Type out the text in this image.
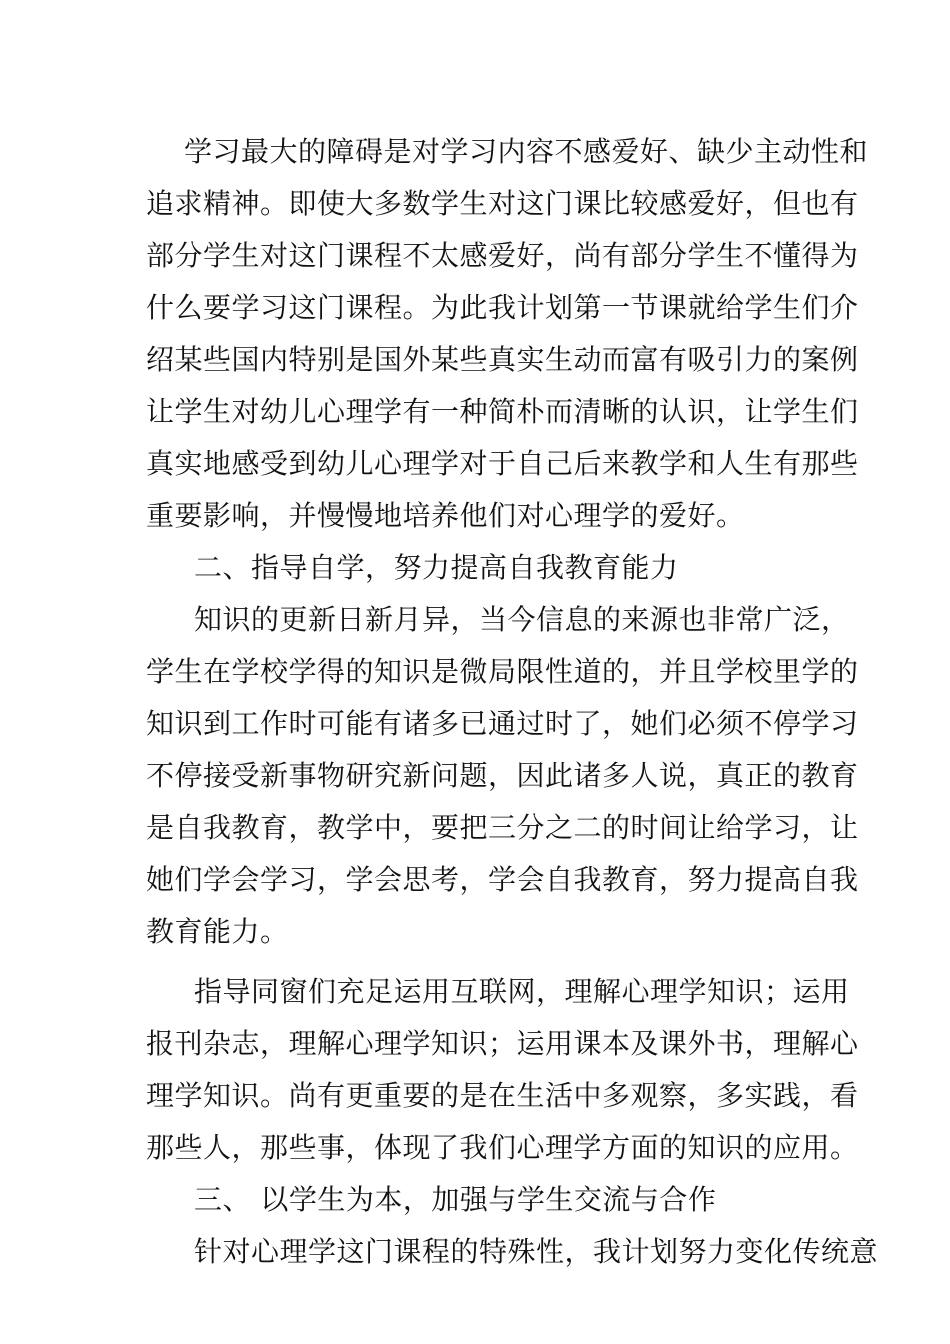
学习最大的障碍是对学习内容不感爱好、缺少主动性和
追求精神。即使大多数学生对这门课比较感爱好，但也有
部分学生对这门课程不太感爱好，尚有部分学生不懂得为
什么要学习这门课程。为此我计划第一节课就给学生们介
绍某些国内特别是国外某些真实生动而富有吸引力的案例
让学生对幼儿心理学有一种简朴而清晰的认识，让学生们
真实地感受到幼儿心理学对于自己后来教学和人生有那些
重要影响，并慢慢地培养他们对心理学的爱好。
二、指导自学，努力提高自我教育能力
知识的更新日新月异，当今信息的来源也非常广泛，
学生在学校学得的知识是微局限性道的，并且学校里学的
知识到工作时可能有诸多已通过时了，她们必须不停学习
不停接受新事物研究新问题，因此诸多人说，真正的教育
是自我教育，教学中，要把三分之二的时间让给学习，让
她们学会学习，学会思考，学会自我教育，努力提高自我
教育能力。
指导同窗们充足运用互联网，理解心理学知识；运用
报刊杂志，理解心理学知识；运用课本及课外书，理解心
理学知识。尚有更重要的是在生活中多观察，多实践，看
那些人，那些事，体现了我们心理学方面的知识的应用。
三、 以学生为本，加强与学生交流与合作
针对心理学这门课程的特殊性，我计划努力变化传统意
